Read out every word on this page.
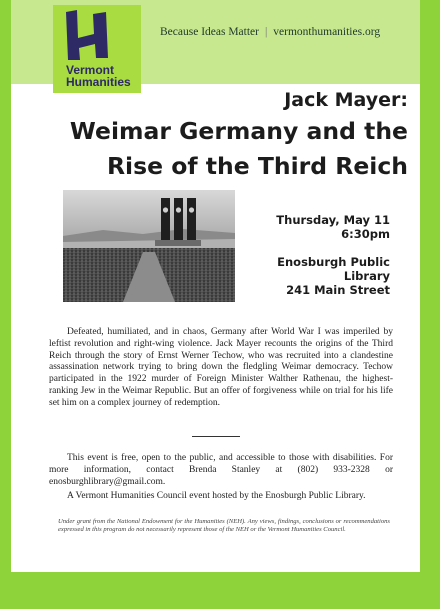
Vermont
Humanities
Because Ideas Matter | vermonthumanities.org
Jack Mayer:
Weimar Germany and the
Rise of the Third Reich
Thursday, May 11
6:30pm
Enosburgh Public Library
241 Main Street
Defeated, humiliated, and in chaos, Germany after World War I was imperiled by leftist revolution and right-wing violence. Jack Mayer recounts the origins of the Third Reich through the story of Ernst Werner Techow, who was recruited into a clandestine assassination network trying to bring down the fledgling Weimar democracy. Techow participated in the 1922 murder of Foreign Minister Walther Rathenau, the highest-ranking Jew in the Weimar Republic. But an offer of forgiveness while on trial for his life set him on a complex journey of redemption.
This event is free, open to the public, and accessible to those with disabilities. For more information, contact Brenda Stanley at (802) 933-2328 or enosburghlibrary@gmail.com.
A Vermont Humanities Council event hosted by the Enosburgh Public Library.
Under grant from the National Endowment for the Humanities (NEH). Any views, findings, conclusions or recommendations expressed in this program do not necessarily represent those of the NEH or the Vermont Humanities Council.
